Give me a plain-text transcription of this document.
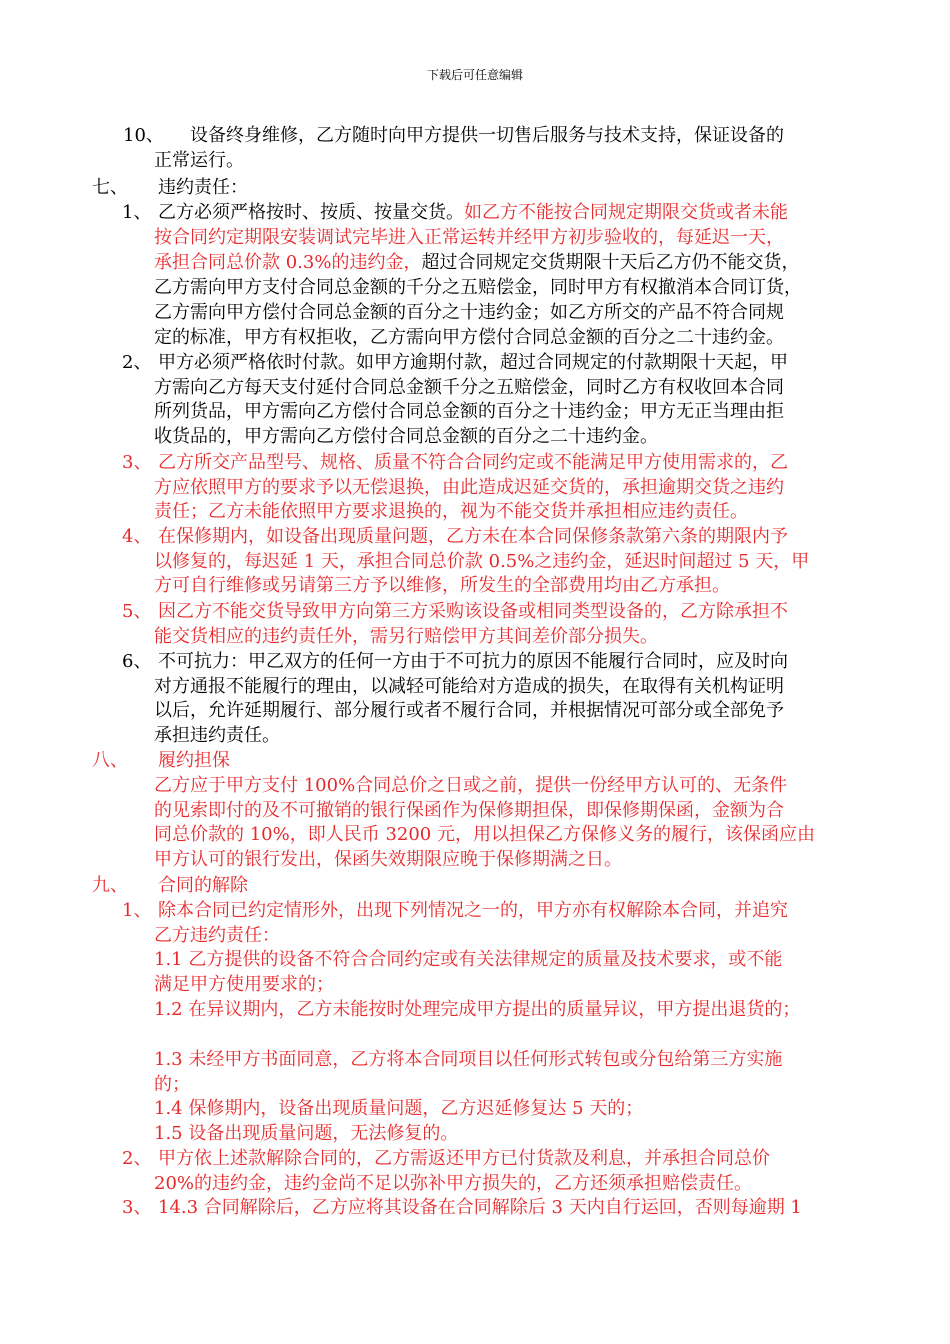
下载后可任意编辑
10、 设备终身维修，乙方随时向甲方提供一切售后服务与技术支持，保证设备的
正常运行。
七、 违约责任：
1、 乙方必须严格按时、按质、按量交货。如乙方不能按合同规定期限交货或者未能
按合同约定期限安装调试完毕进入正常运转并经甲方初步验收的，每延迟一天，
承担合同总价款 0.3%的违约金，超过合同规定交货期限十天后乙方仍不能交货，
乙方需向甲方支付合同总金额的千分之五赔偿金，同时甲方有权撤消本合同订货，
乙方需向甲方偿付合同总金额的百分之十违约金；如乙方所交的产品不符合同规
定的标准，甲方有权拒收，乙方需向甲方偿付合同总金额的百分之二十违约金。
2、 甲方必须严格依时付款。如甲方逾期付款，超过合同规定的付款期限十天起，甲
方需向乙方每天支付延付合同总金额千分之五赔偿金，同时乙方有权收回本合同
所列货品，甲方需向乙方偿付合同总金额的百分之十违约金；甲方无正当理由拒
收货品的，甲方需向乙方偿付合同总金额的百分之二十违约金。
3、 乙方所交产品型号、规格、质量不符合合同约定或不能满足甲方使用需求的，乙
方应依照甲方的要求予以无偿退换，由此造成迟延交货的，承担逾期交货之违约
责任；乙方未能依照甲方要求退换的，视为不能交货并承担相应违约责任。
4、 在保修期内，如设备出现质量问题，乙方未在本合同保修条款第六条的期限内予
以修复的，每迟延 1 天，承担合同总价款 0.5%之违约金，延迟时间超过 5 天，甲
方可自行维修或另请第三方予以维修，所发生的全部费用均由乙方承担。
5、 因乙方不能交货导致甲方向第三方采购该设备或相同类型设备的，乙方除承担不
能交货相应的违约责任外，需另行赔偿甲方其间差价部分损失。
6、 不可抗力：甲乙双方的任何一方由于不可抗力的原因不能履行合同时，应及时向
对方通报不能履行的理由，以减轻可能给对方造成的损失，在取得有关机构证明
以后，允许延期履行、部分履行或者不履行合同，并根据情况可部分或全部免予
承担违约责任。
八、 履约担保
乙方应于甲方支付 100%合同总价之日或之前，提供一份经甲方认可的、无条件
的见索即付的及不可撤销的银行保函作为保修期担保，即保修期保函，金额为合
同总价款的 10%，即人民币 3200 元，用以担保乙方保修义务的履行，该保函应由
甲方认可的银行发出，保函失效期限应晚于保修期满之日。
九、 合同的解除
1、 除本合同已约定情形外，出现下列情况之一的，甲方亦有权解除本合同，并追究
乙方违约责任：
1.1 乙方提供的设备不符合合同约定或有关法律规定的质量及技术要求，或不能
满足甲方使用要求的；
1.2 在异议期内，乙方未能按时处理完成甲方提出的质量异议，甲方提出退货的；
1.3 未经甲方书面同意，乙方将本合同项目以任何形式转包或分包给第三方实施
的；
1.4 保修期内，设备出现质量问题，乙方迟延修复达 5 天的；
1.5 设备出现质量问题，无法修复的。
2、 甲方依上述款解除合同的，乙方需返还甲方已付货款及利息，并承担合同总价
20%的违约金，违约金尚不足以弥补甲方损失的，乙方还须承担赔偿责任。
3、 14.3 合同解除后，乙方应将其设备在合同解除后 3 天内自行运回，否则每逾期 1
